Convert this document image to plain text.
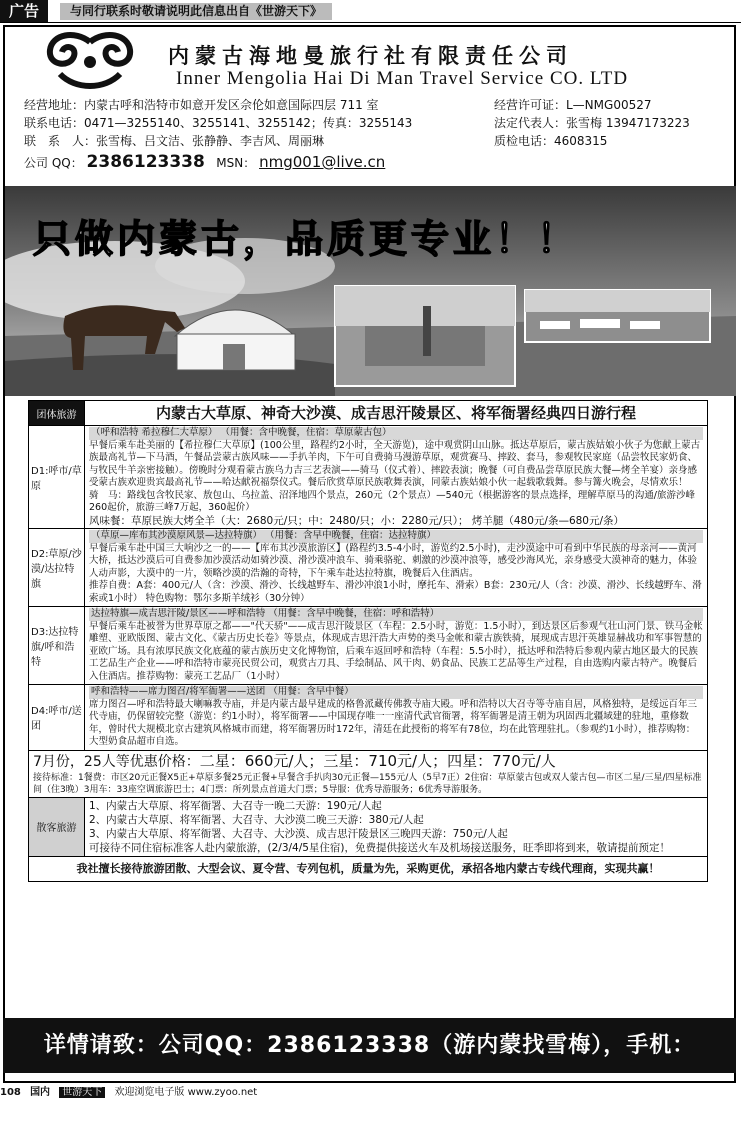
广告	与同行联系时敬请说明此信息出自《世游天下》
内蒙古海地曼旅行社有限责任公司
Inner Mengolia Hai Di Man Travel Service CO. LTD
经营地址：内蒙古呼和浩特市如意开发区佘伦如意国际四层 711 室
联系电话：0471—3255140、3255141、3255142；传真：3255143
联　系　人：张雪梅、吕文洁、张静静、李吉风、周丽琳
经营许可证：L—NMG00527
法定代表人：张雪梅 13947173223
质检电话：4608315
公司 QQ： 2386123338 MSN： nmg001@live.cn
只做内蒙古，品质更专业！！
团体旅游	内蒙古大草原、神奇大沙漠、成吉思汗陵景区、将军衙署经典四日游行程
D1:呼市/草原
（呼和浩特 希拉穆仁大草原） （用餐：含中晚餐，住宿：草原蒙古包）
早餐后乘车赴美丽的【希拉穆仁大草原】(100公里，路程约2小时，全天游览)，途中观赏阴山山脉。抵达草原后，蒙古族姑娘小伙子为您献上蒙古族最高礼节—下马酒，午餐品尝蒙古族风味——手扒羊肉，下午可自费骑马漫游草原，观赏赛马、摔跤、套马，参观牧民家庭（品尝牧民家奶食、与牧民牛羊亲密接触）。傍晚时分观看蒙古族乌力吉三艺表演——骑马（仪式着）、摔跤表演；晚餐（可自费品尝草原民族大餐—烤全羊宴）亲身感受蒙古族欢迎贵宾最高礼节——哈达献祝福祭仪式。餐后欣赏草原民族歌舞表演，同蒙古族姑娘小伙一起载歌载舞。参与篝火晚会，尽情欢乐！
骑　马：路线包含牧民家、敖包山、乌拉盖、沼泽地四个景点，260元（2个景点）—540元（根据游客的景点选择，理解草原马的沟通/旅游沙峰260起价，旅游三峰7万起，360起价）
风味餐：草原民族大烤全羊（大：2680元/只；中：2480/只；小：2280元/只）； 烤羊腿（480元/条—680元/条）
D2:草原/沙漠/达拉特旗
（草原—库布其沙漠原风景—达拉特旗） （用餐：含早中晚餐，住宿：达拉特旗）
早餐后乘车赴中国三大响沙之一的——【库布其沙漠旅游区】(路程约3.5-4小时，游览约2.5小时)，走沙漠途中可看到中华民族的母亲河——黄河大桥，抵达沙漠后可自费参加沙漠活动如骑沙漠、滑沙漠冲浪车、骑乘骆驼、刺激的沙漠冲浪等，感受沙海风光，亲身感受大漠神奇的魅力，体验人动声影，大漠中的一片，领略沙漠的浩瀚的奇特，下午乘车赴达拉特旗，晚餐后入住酒店。
推荐自费：A套：400元/人（含：沙漠、滑沙、长线越野车、滑沙冲浪1小时，摩托车、滑索）B套：230元/人（含：沙漠、滑沙、长线越野车、滑索或1小时） 特色购物：鄂尔多斯羊绒衫（30分钟）
D3:达拉特旗/呼和浩特
达拉特旗—成吉思汗陵/景区——呼和浩特 （用餐：含早中晚餐，住宿：呼和浩特）
早餐后乘车赴被誉为世界草原之都——"代天骄"——成吉思汗陵景区（车程：2.5小时，游览：1.5小时），到达景区后参观气壮山河门景、铁马金帐雕塑、亚欧版图、蒙古文化、《蒙古历史长卷》等景点，体现成吉思汗浩大声势的类马金帐和蒙古族铁骑，展现成吉思汗英雄显赫战功和军事智慧的亚欧广场。具有浓厚民族文化底蕴的蒙古族历史文化博物馆，后乘车返回呼和浩特（车程：5.5小时），抵达呼和浩特后参观内蒙古地区最大的民族工艺品生产企业——呼和浩特市蒙亮民贸公司，观赏古刀具、手绘制品、风干肉、奶食品、民族工艺品等生产过程，自由选购内蒙古特产。晚餐后入住酒店。推荐购物：蒙亮工艺品厂（1小时）
D4:呼市/送团
呼和浩特——席力图召/将军衙署——送团 （用餐：含早中餐）
席力图召—呼和浩特最大喇嘛教寺庙，并是内蒙古最早建成的格鲁派藏传佛教寺庙大殿。呼和浩特以大召寺等寺庙自居，风格独特，是绥远百年三代寺庙，仍保留较完整（游览：约1小时），将军衙署——中国现存唯一一座清代武官衙署，将军衙署是清王朝为巩固西北疆域建的驻地，重修数年，曾时代大规模北京古建筑风格城市而建，将军衙署历时172年，清廷在此授衔的将军有78位，均在此管理驻扎。（参观约1小时），推荐购物：大型奶食品超市自选。
7月份，25人等优惠价格：二星：660元/人；三星：710元/人；四星：770元/人
接待标准：1餐费：市区20元正餐X5正+草原多餐25元正餐+早餐含手扒肉30元正餐—155元/人（5早7正）2住宿：草原蒙古包或双人蒙古包—市区二星/三星/四星标准间（住3晚）3用车：33座空调旅游巴士；4门票：所列景点首道大门票；5导服：优秀导游服务；6优秀导游服务。
散客旅游
1、内蒙古大草原、将军衙署、大召寺一晚二天游：190元/人起
2、内蒙古大草原、将军衙署、大召寺、大沙漠二晚三天游：380元/人起
3、内蒙古大草原、将军衙署、大召寺、大沙漠、成吉思汗陵景区三晚四天游：750元/人起
可接待不同住宿标准客人赴内蒙旅游，(2/3/4/5星住宿)，免费提供接送火车及机场接送服务，旺季即将到来，敬请提前预定！
我社擅长接待旅游团散、大型会议、夏令营、专列包机，质量为先，采购更优，承招各地内蒙古专线代理商，实现共赢！
详情请致：公司QQ：2386123338（游内蒙找雪梅），手机：13947173223
108 国内 世游天下 欢迎浏览电子版 www.zyoo.net
